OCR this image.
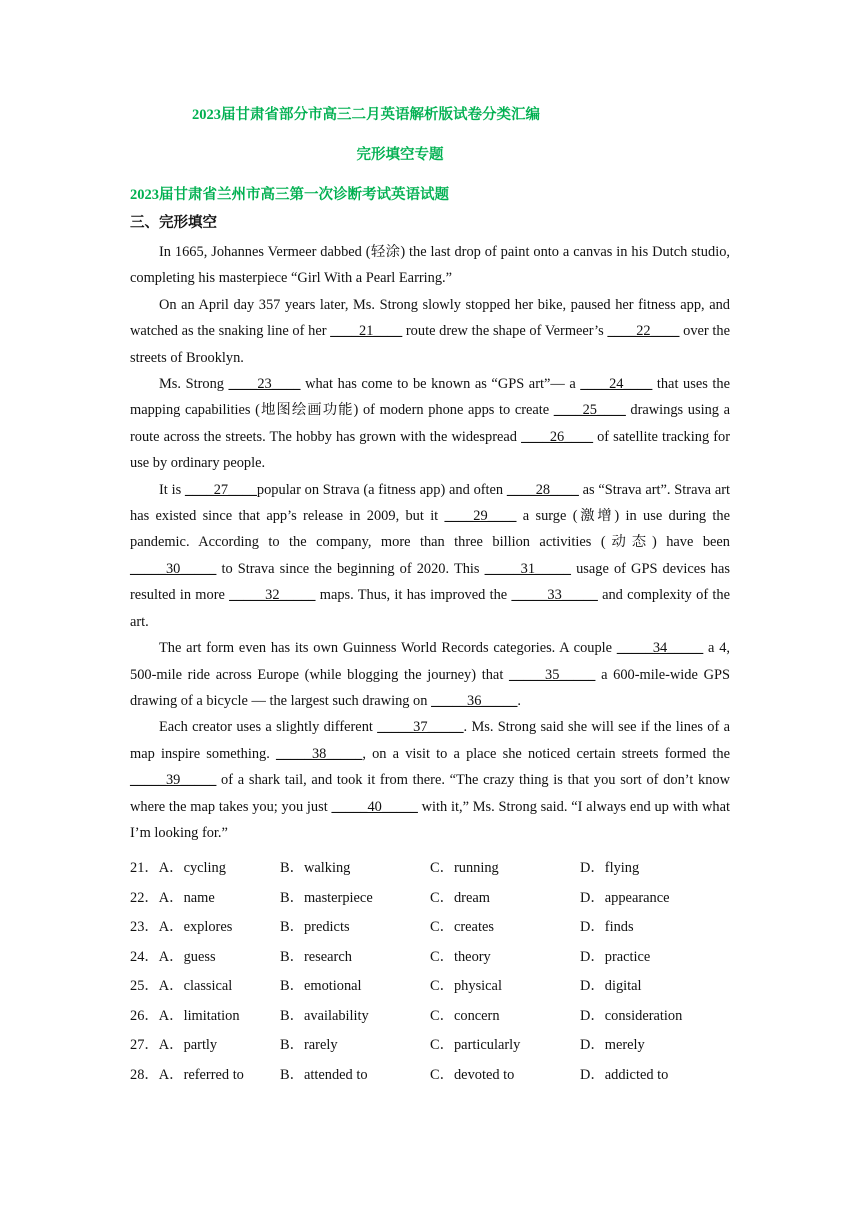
2023届甘肃省部分市高三二月英语解析版试卷分类汇编
完形填空专题
2023届甘肃省兰州市高三第一次诊断考试英语试题
三、完形填空

In 1665, Johannes Vermeer dabbed (轻涂) the last drop of paint onto a canvas in his Dutch studio, completing his masterpiece “Girl With a Pearl Earring.”

On an April day 357 years later, Ms. Strong slowly stopped her bike, paused her fitness app, and watched as the snaking line of her ____21____ route drew the shape of Vermeer’s ____22____ over the streets of Brooklyn.

Ms. Strong ____23____ what has come to be known as “GPS art”— a ____24____ that uses the mapping capabilities (地图绘画功能) of modern phone apps to create ____25____ drawings using a route across the streets. The hobby has grown with the widespread ____26____ of satellite tracking for use by ordinary people.

It is ____27____popular on Strava (a fitness app) and often ____28____ as “Strava art”. Strava art has existed since that app’s release in 2009, but it ____29____ a surge (激增) in use during the pandemic. According to the company, more than three billion activities (动态) have been _____30_____ to Strava since the beginning of 2020. This _____31_____ usage of GPS devices has resulted in more _____32_____ maps. Thus, it has improved the _____33_____ and complexity of the art.

The art form even has its own Guinness World Records categories. A couple _____34_____ a 4, 500-mile ride across Europe (while blogging the journey) that _____35_____ a 600-mile-wide GPS drawing of a bicycle — the largest such drawing on _____36_____.

Each creator uses a slightly different _____37_____. Ms. Strong said she will see if the lines of a map inspire something. _____38_____, on a visit to a place she noticed certain streets formed the _____39_____ of a shark tail, and took it from there. “The crazy thing is that you sort of don’t know where the map takes you; you just _____40_____ with it,” Ms. Strong said. “I always end up with what I’m looking for.”

21．A．cycling	B．walking	C．running	D．flying
22．A．name	B．masterpiece	C．dream	D．appearance
23．A．explores	B．predicts	C．creates	D．finds
24．A．guess	B．research	C．theory	D．practice
25．A．classical	B．emotional	C．physical	D．digital
26．A．limitation	B．availability	C．concern	D．consideration
27．A．partly	B．rarely	C．particularly	D．merely
28．A．referred to	B．attended to	C．devoted to	D．addicted to
